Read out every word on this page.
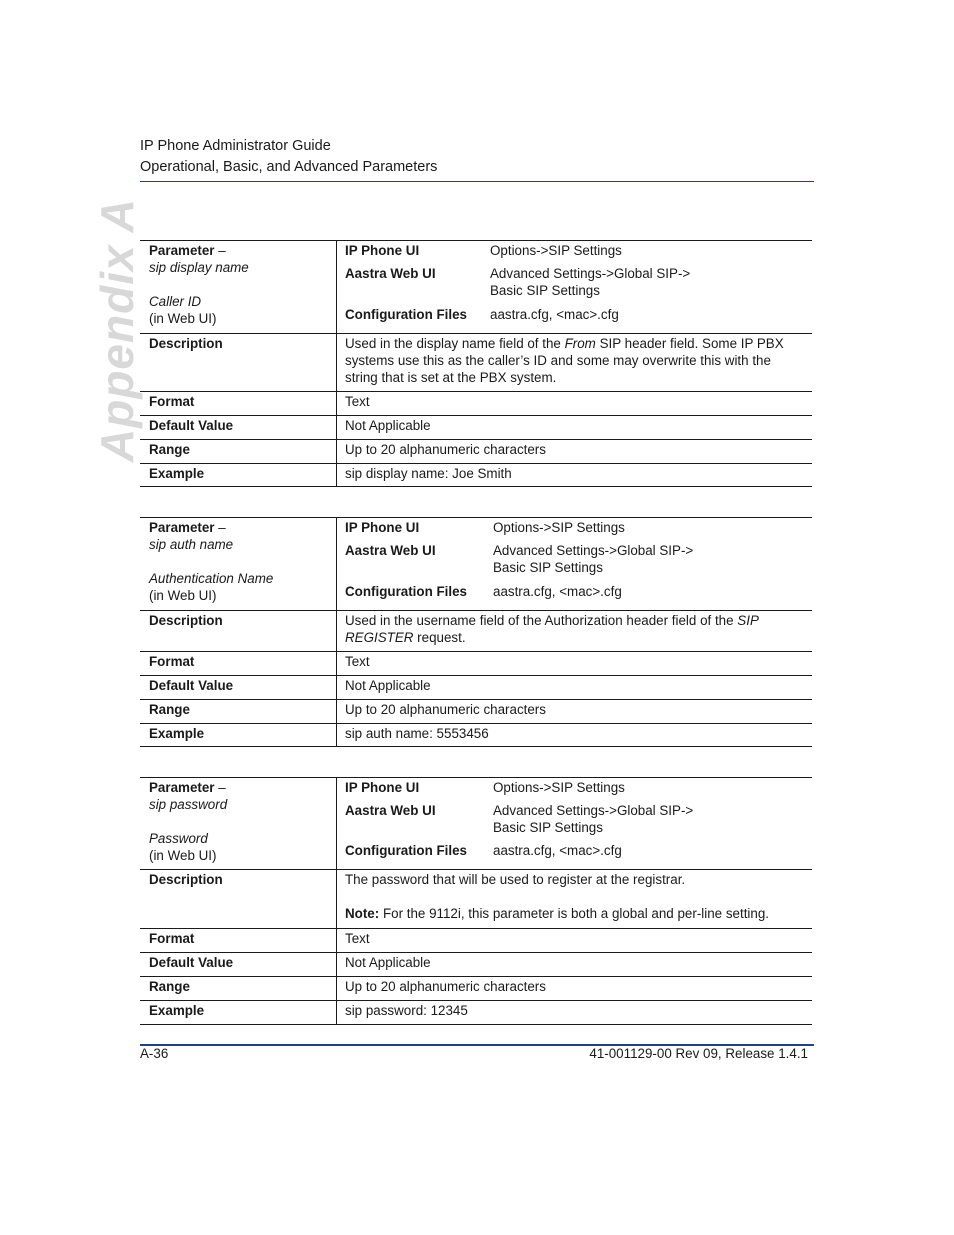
IP Phone Administrator Guide
Operational, Basic, and Advanced Parameters
Appendix A Parameter –
sip display name
Caller ID
(in Web UI)
IP Phone UI	Options->SIP Settings
Aastra Web UI	Advanced Settings->Global SIP->
Basic SIP Settings
Configuration Files	aastra.cfg, <mac>.cfg
Description	Used in the display name field of the From SIP header field. Some IP PBX systems use this as the caller’s ID and some may overwrite this with the string that is set at the PBX system.
Format	Text
Default Value	Not Applicable
Range	Up to 20 alphanumeric characters
Example	sip display name: Joe Smith
Parameter –
sip auth name
Authentication Name
(in Web UI)
IP Phone UI	Options->SIP Settings
Aastra Web UI	Advanced Settings->Global SIP->
Basic SIP Settings
Configuration Files	aastra.cfg, <mac>.cfg
Description	Used in the username field of the Authorization header field of the SIP REGISTER request.
Format	Text
Default Value	Not Applicable
Range	Up to 20 alphanumeric characters
Example	sip auth name: 5553456
Parameter –
sip password
Password
(in Web UI)
IP Phone UI	Options->SIP Settings
Aastra Web UI	Advanced Settings->Global SIP->
Basic SIP Settings
Configuration Files	aastra.cfg, <mac>.cfg
Description	The password that will be used to register at the registrar.
Note: For the 9112i, this parameter is both a global and per-line setting.
Format	Text
Default Value	Not Applicable
Range	Up to 20 alphanumeric characters
Example	sip password: 12345
A-36	41-001129-00 Rev 09, Release 1.4.1
